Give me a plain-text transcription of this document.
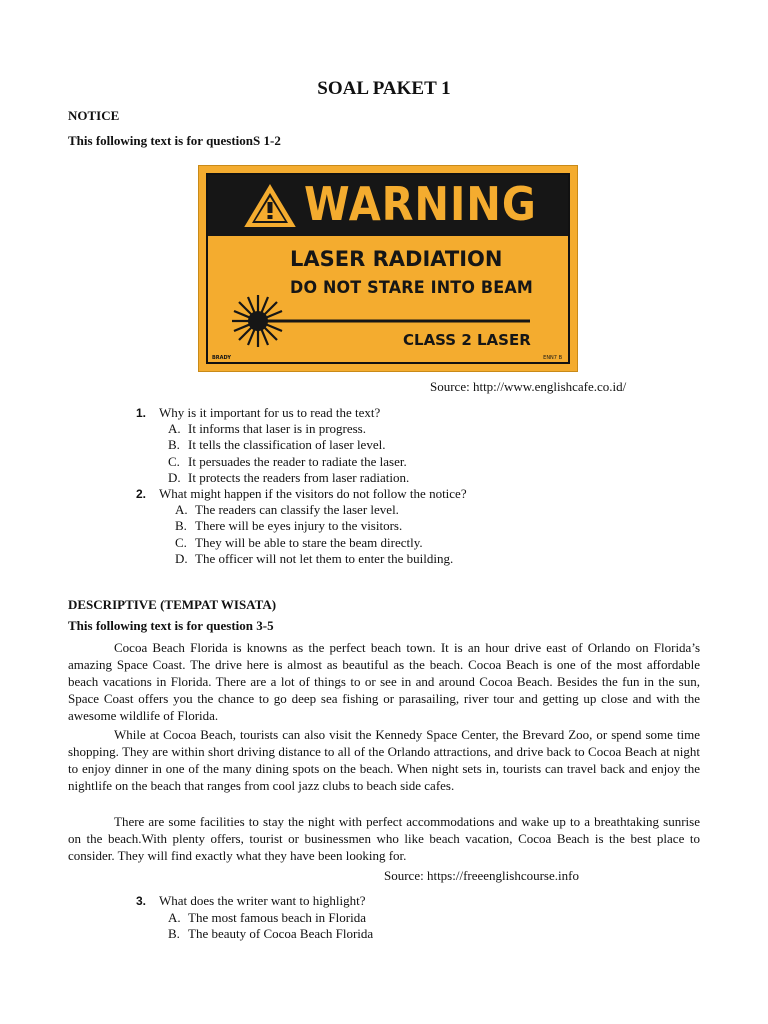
SOAL PAKET 1
NOTICE
This following text is for questionS 1-2
WARNING
LASER RADIATION
DO NOT STARE INTO BEAM
CLASS 2 LASER
BRADY	ENN7 B
Source: http://www.englishcafe.co.id/
1. Why is it important for us to read the text?
A. It informs that laser is in progress.
B. It tells the classification of laser level.
C. It persuades the reader to radiate the laser.
D. It protects the readers from laser radiation.
2. What might happen if the visitors do not follow the notice?
A. The readers can classify the laser level.
B. There will be eyes injury to the visitors.
C. They will be able to stare the beam directly.
D. The officer will not let them to enter the building.
DESCRIPTIVE (TEMPAT WISATA)
This following text is for question 3-5
Cocoa Beach Florida is knowns as the perfect beach town. It is an hour drive east of Orlando on Florida’s amazing Space Coast. The drive here is almost as beautiful as the beach. Cocoa Beach is one of the most affordable beach vacations in Florida. There are a lot of things to or see in and around Cocoa Beach. Besides the fun in the sun, Space Coast offers you the chance to go deep sea fishing or parasailing, river tour and getting up close and with the awesome wildlife of Florida.
While at Cocoa Beach, tourists can also visit the Kennedy Space Center, the Brevard Zoo, or spend some time shopping. They are within short driving distance to all of the Orlando attractions, and drive back to Cocoa Beach at night to enjoy dinner in one of the many dining spots on the beach. When night sets in, tourists can travel back and enjoy the nightlife on the beach that ranges from cool jazz clubs to beach side cafes.
There are some facilities to stay the night with perfect accommodations and wake up to a breathtaking sunrise on the beach.With plenty offers, tourist or businessmen who like beach vacation, Cocoa Beach is the best place to consider. They will find exactly what they have been looking for.
Source: https://freeenglishcourse.info
3. What does the writer want to highlight?
A. The most famous beach in Florida
B. The beauty of Cocoa Beach Florida
